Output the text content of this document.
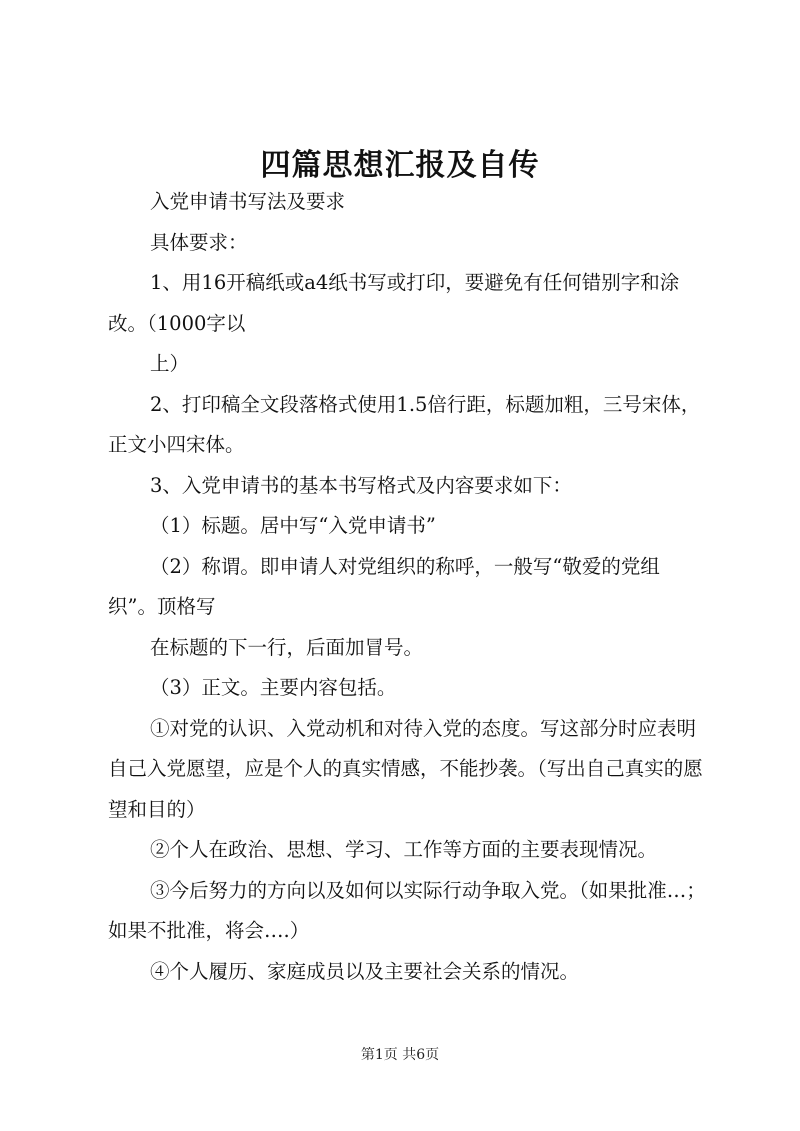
四篇思想汇报及自传

入党申请书写法及要求

具体要求：

1、用16开稿纸或a4纸书写或打印，要避免有任何错别字和涂改。（1000字以

上）

2、打印稿全文段落格式使用1.5倍行距，标题加粗，三号宋体，正文小四宋体。

3、入党申请书的基本书写格式及内容要求如下：

（1）标题。居中写“入党申请书”

（2）称谓。即申请人对党组织的称呼，一般写“敬爱的党组织”。顶格写

在标题的下一行，后面加冒号。

（3）正文。主要内容包括。

①对党的认识、入党动机和对待入党的态度。写这部分时应表明自己入党愿望，应是个人的真实情感，不能抄袭。（写出自己真实的愿望和目的）

②个人在政治、思想、学习、工作等方面的主要表现情况。

③今后努力的方向以及如何以实际行动争取入党。（如果批准…；如果不批准，将会….）

④个人履历、家庭成员以及主要社会关系的情况。

第1页 共6页
